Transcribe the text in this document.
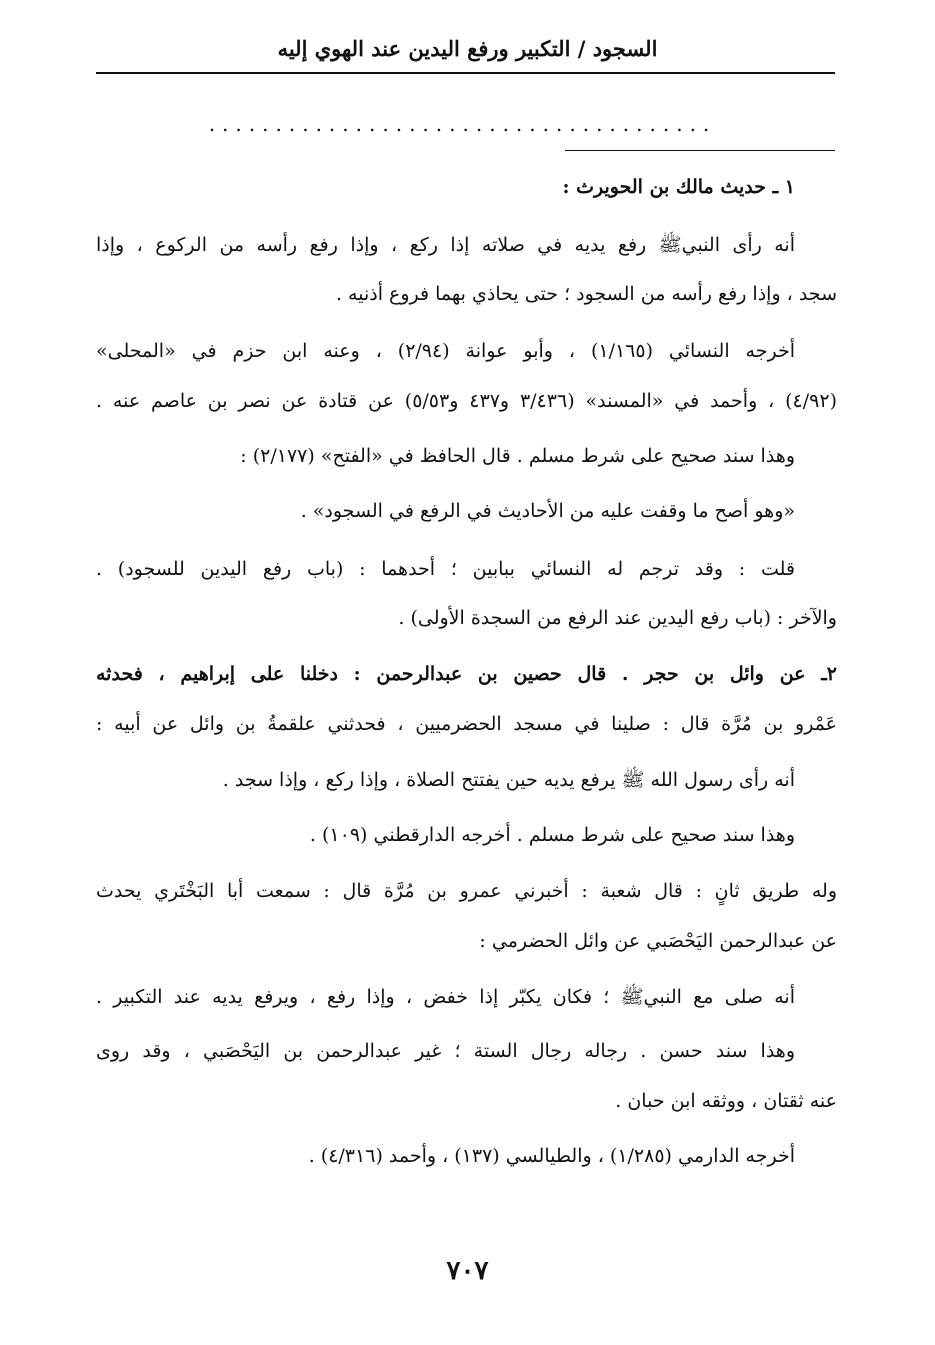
السجود / التكبير ورفع اليدين عند الهوي إليه
......................................
١ ـ حديث مالك بن الحويرث :
أنه رأى النبيﷺ رفع يديه في صلاته إذا ركع ، وإذا رفع رأسه من الركوع ، وإذا
سجد ، وإذا رفع رأسه من السجود ؛ حتى يحاذي بهما فروع أذنيه .
أخرجه النسائي (١/١٦٥) ، وأبو عوانة (٢/٩٤) ، وعنه ابن حزم في «المحلى»
(٤/٩٢) ، وأحمد في «المسند» (٣/٤٣٦ و٤٣٧ و٥/٥٣) عن قتادة عن نصر بن عاصم عنه .
وهذا سند صحيح على شرط مسلم . قال الحافظ في «الفتح» (٢/١٧٧) :
«وهو أصح ما وقفت عليه من الأحاديث في الرفع في السجود» .
قلت : وقد ترجم له النسائي ببابين ؛ أحدهما : (باب رفع اليدين للسجود) .
والآخر : (باب رفع اليدين عند الرفع من السجدة الأولى) .
٢ـ عن وائل بن حجر . قال حصين بن عبدالرحمن : دخلنا على إبراهيم ، فحدثه
عَمْرو بن مُرَّة قال : صلينا في مسجد الحضرميين ، فحدثني علقمةُ بن وائل عن أبيه :
أنه رأى رسول الله ﷺ يرفع يديه حين يفتتح الصلاة ، وإذا ركع ، وإذا سجد .
وهذا سند صحيح على شرط مسلم . أخرجه الدارقطني (١٠٩) .
وله طريق ثانٍ : قال شعبة : أخبرني عمرو بن مُرَّة قال : سمعت أبا البَخْتَري يحدث
عن عبدالرحمن اليَحْصَبي عن وائل الحضرمي :
أنه صلى مع النبيﷺ ؛ فكان يكبّر إذا خفض ، وإذا رفع ، ويرفع يديه عند التكبير .
وهذا سند حسن . رجاله رجال الستة ؛ غير عبدالرحمن بن اليَحْصَبي ، وقد روى
عنه ثقتان ، ووثقه ابن حبان .
أخرجه الدارمي (١/٢٨٥) ، والطيالسي (١٣٧) ، وأحمد (٤/٣١٦) .
٧٠٧
